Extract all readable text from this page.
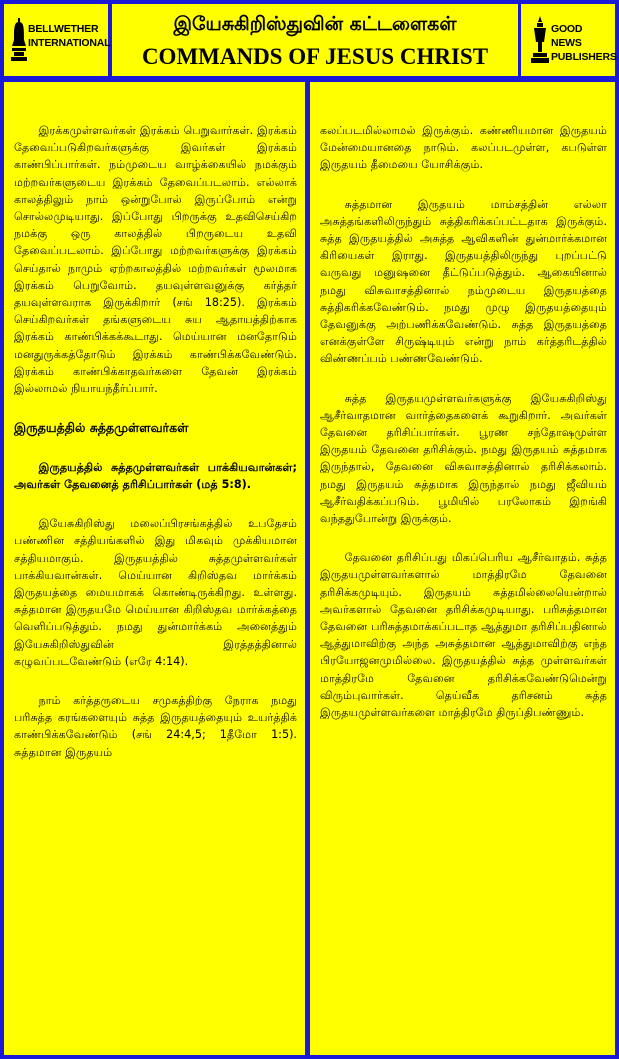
BELLWETHER INTERNATIONAL
இயேசுகிறிஸ்துவின் கட்டளைகள்
COMMANDS OF JESUS CHRIST
GOOD NEWS PUBLISHERS

இரக்கமுள்ளவர்கள் இரக்கம் பெறுவார்கள். இரக்கம் தேவைப்படுகிறவர்களுக்கு இவர்கள் இரக்கம் காண்பிப்பார்கள். நம்முடைய வாழ்க்கையில் நமக்கும் மற்றவர்களுடைய இரக்கம் தேவைப்படலாம். எல்லாக் காலத்திலும் நாம் ஒன்றுபோல் இருப்போம் என்று சொல்லமுடியாது. இப்போது பிறருக்கு உதவிசெய்கிற நமக்கு ஒரு காலத்தில் பிறருடைய உதவி தேவைப்படலாம். இப்போது மற்றவர்களுக்கு இரக்கம் செய்தால் நாமும் ஏற்றகாலத்தில் மற்றவர்கள் மூலமாக இரக்கம் பெறுவோம். தயவுள்ளவனுக்கு கர்த்தர் தயவுள்ளவராக இருக்கிறார் (சங் 18:25). இரக்கம் செய்கிறவர்கள் தங்களுடைய சுய ஆதாயத்திற்காக இரக்கம் காண்பிக்கக்கூடாது. மெய்யான மனதோடும் மனதுருக்கத்தோடும் இரக்கம் காண்பிக்கவேண்டும். இரக்கம் காண்பிக்காதவர்களை தேவன் இரக்கம் இல்லாமல் நியாயந்தீர்ப்பார்.

இருதயத்தில் சுத்தமுள்ளவர்கள்

இருதயத்தில் சுத்தமுள்ளவர்கள் பாக்கியவான்கள்; அவர்கள் தேவனைத் தரிசிப்பார்கள் (மத் 5:8).

இயேசுகிறிஸ்து மலைப்பிரசங்கத்தில் உபதேசம் பண்ணின சத்தியங்களில் இது மிகவும் முக்கியமான சத்தியமாகும். இருதயத்தில் சுத்தமுள்ளவர்கள் பாக்கியவான்கள். மெய்யான கிறிஸ்தவ மார்க்கம் இருதயத்தை மையமாகக் கொண்டிருக்கிறது. உள்ளது. சுத்தமான இருதயமே மெய்யான கிறிஸ்தவ மார்க்கத்தை வெளிப்படுத்தும். நமது துன்மார்க்கம் அனைத்தும் இயேசுகிறிஸ்துவின் இரத்தத்தினால் கழுவப்படவேண்டும் (எரே 4:14).

நாம் கர்த்தருடைய சமுகத்திற்கு நேராக நமது பரிசுத்த கரங்களையும் சுத்த இருதயத்தையும் உயர்த்திக் காண்பிக்கவேண்டும் (சங் 24:4,5; 1தீமோ 1:5). சுத்தமான இருதயம்

கலப்படமில்லாமல் இருக்கும். கண்ணியமான இருதயம் மேன்மையானதை நாடும். கலப்படமுள்ள, கபடுள்ள இருதயம் தீமையை யோசிக்கும்.

சுத்தமான இருதயம் மாம்சத்தின் எல்லா அசுத்தங்களிலிருந்தும் சுத்திகரிக்கப்பட்டதாக இருக்கும். சுத்த இருதயத்தில் அசுத்த ஆவிகளின் துன்மார்க்கமான கிரியைகள் இராது. இருதயத்திலிருந்து புறப்பட்டு வருவது மனுஷனை தீட்டுப்படுத்தும். ஆகையினால் நமது விசுவாசத்தினால் நம்முடைய இருதயத்தை சுத்திகரிக்கவேண்டும். நமது முழு இருதயத்தையும் தேவனுக்கு அற்பணிக்கவேண்டும். சுத்த இருதயத்தை எனக்குள்ளே சிருஷ்டியும் என்று நாம் கர்த்தரிடத்தில் விண்ணப்பம் பண்ணவேண்டும்.

சுத்த இருதயமுள்ளவர்களுக்கு இயேசுகிறிஸ்து ஆசீர்வாதமான வார்த்தைகளைக் கூறுகிறார். அவர்கள் தேவனை தரிசிப்பார்கள். பூரண சந்தோஷமுள்ள இருதயம் தேவனை தரிசிக்கும். நமது இருதயம் சுத்தமாக இருந்தால், தேவனை விசுவாசத்தினால் தரிசிக்கலாம். நமது இருதயம் சுத்தமாக இருந்தால் நமது ஜீவியம் ஆசீர்வதிக்கப்படும். பூமியில் பரலோகம் இறங்கி வந்ததுபோன்று இருக்கும்.

தேவனை தரிசிப்பது மிகப்பெரிய ஆசீர்வாதம். சுத்த இருதயமுள்ளவர்களால் மாத்திரமே தேவனை தரிசிக்கமுடியும். இருதயம் சுத்தமில்லையென்றால் அவர்களால் தேவனை தரிசிக்கமுடியாது. பரிசுத்தமான தேவனை பரிசுத்தமாக்கப்படாத ஆத்துமா தரிசிப்பதினால் ஆத்துமாவிற்கு அந்த அசுத்தமான ஆத்துமாவிற்கு எந்த பிரயோஜனமுமில்லை. இருதயத்தில் சுத்த முள்ளவர்கள் மாத்திரமே தேவனை தரிசிக்கவேண்டுமென்று விரும்புவார்கள். தெய்வீக தரிசனம் சுத்த இருதயமுள்ளவர்களை மாத்திரமே திருப்திபண்ணும்.
